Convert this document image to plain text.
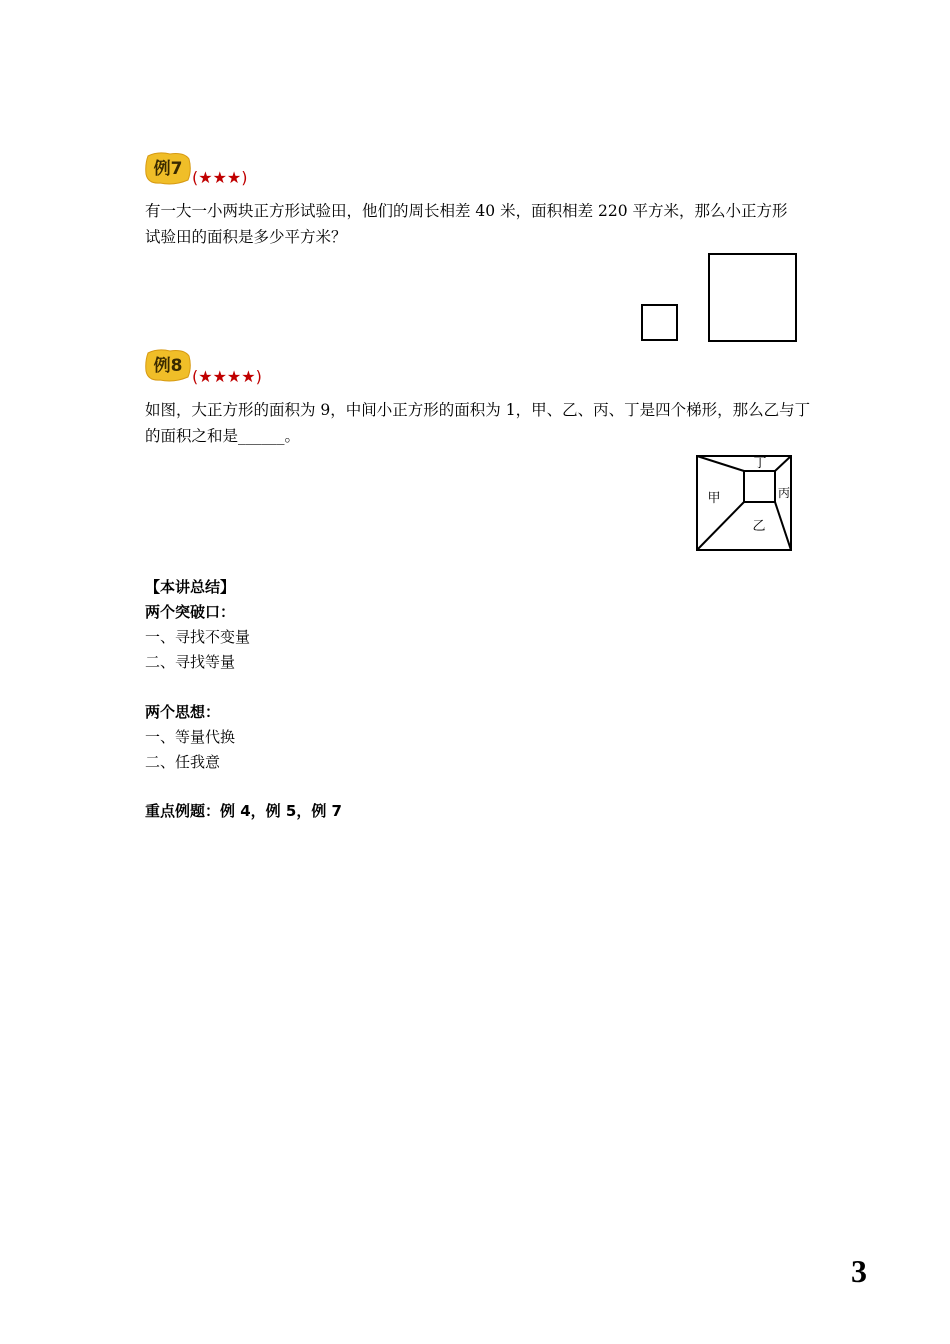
例7 (★★★)
有一大一小两块正方形试验田，他们的周长相差 40 米，面积相差 220 平方米，那么小正方形
试验田的面积是多少平方米？
例8
(★★★★)
如图，大正方形的面积为 9，中间小正方形的面积为 1，甲、乙、丙、丁是四个梯形，那么乙与丁
的面积之和是______。
丁
甲	丙
乙
【本讲总结】
两个突破口：
一、寻找不变量
二、寻找等量
两个思想：
一、等量代换
二、任我意
重点例题：例 4，例 5，例 7
3
